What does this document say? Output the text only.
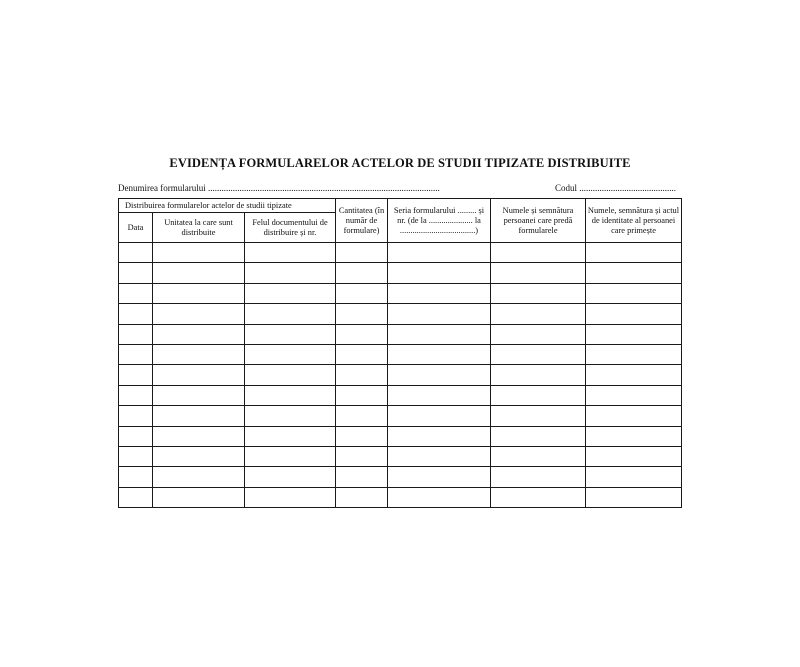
EVIDENȚA FORMULARELOR ACTELOR DE STUDII TIPIZATE DISTRIBUITE
Denumirea formularului .......................................................................................................	Codul ...........................................
Distribuirea formularelor actelor de studii tipizate			Cantitatea (în număr de formulare)	Seria formularului ......... și nr. (de la ..................... la ....................................)	Numele și semnătura persoanei care predă formularele	Numele, semnătura și actul de identitate al persoanei care primește
Data	Unitatea la care sunt distribuite	Felul documentului de distribuire și nr.				
